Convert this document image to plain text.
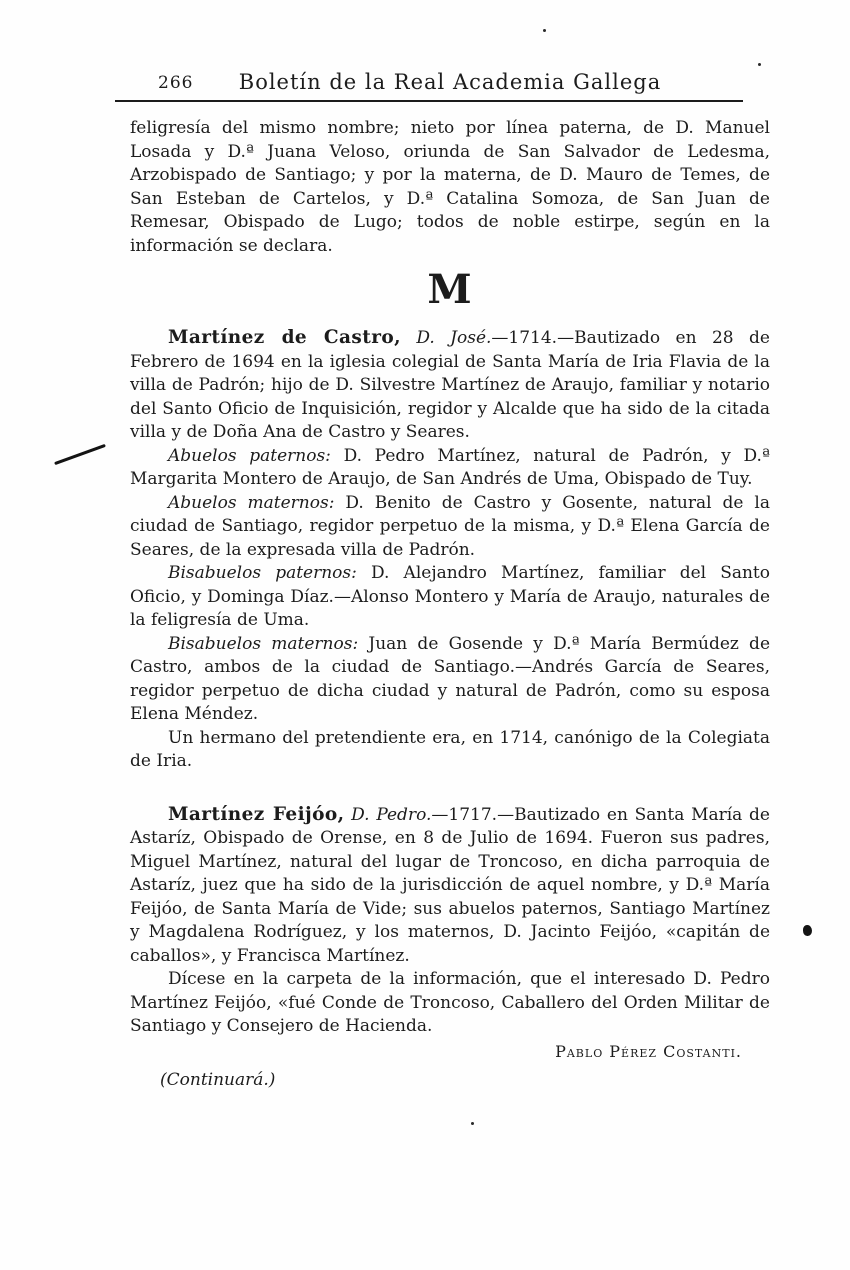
266	Boletín de la Real Academia Gallega

feligresía del mismo nombre; nieto por línea paterna, de D. Manuel Losada y D.ª Juana Veloso, oriunda de San Salvador de Ledesma, Arzobispado de Santiago; y por la materna, de D. Mauro de Temes, de San Esteban de Cartelos, y D.ª Catalina Somoza, de San Juan de Remesar, Obispado de Lugo; todos de noble estirpe, según en la información se declara.

M

Martínez de Castro, D. José.—1714.—Bautizado en 28 de Febrero de 1694 en la iglesia colegial de Santa María de Iria Flavia de la villa de Padrón; hijo de D. Silvestre Martínez de Araujo, familiar y notario del Santo Oficio de Inquisición, regidor y Alcalde que ha sido de la citada villa y de Doña Ana de Castro y Seares.

Abuelos paternos: D. Pedro Martínez, natural de Padrón, y D.ª Margarita Montero de Araujo, de San Andrés de Uma, Obispado de Tuy.

Abuelos maternos: D. Benito de Castro y Gosente, natural de la ciudad de Santiago, regidor perpetuo de la misma, y D.ª Elena García de Seares, de la expresada villa de Padrón.

Bisabuelos paternos: D. Alejandro Martínez, familiar del Santo Oficio, y Dominga Díaz.—Alonso Montero y María de Araujo, naturales de la feligresía de Uma.

Bisabuelos maternos: Juan de Gosende y D.ª María Bermúdez de Castro, ambos de la ciudad de Santiago.—Andrés García de Seares, regidor perpetuo de dicha ciudad y natural de Padrón, como su esposa Elena Méndez.

Un hermano del pretendiente era, en 1714, canónigo de la Colegiata de Iria.

Martínez Feijóo, D. Pedro.—1717.—Bautizado en Santa María de Astaríz, Obispado de Orense, en 8 de Julio de 1694. Fueron sus padres, Miguel Martínez, natural del lugar de Troncoso, en dicha parroquia de Astaríz, juez que ha sido de la jurisdicción de aquel nombre, y D.ª María Feijóo, de Santa María de Vide; sus abuelos paternos, Santiago Martínez y Magdalena Rodríguez, y los maternos, D. Jacinto Feijóo, «capitán de caballos», y Francisca Martínez.

Dícese en la carpeta de la información, que el interesado D. Pedro Martínez Feijóo, «fué Conde de Troncoso, Caballero del Orden Militar de Santiago y Consejero de Hacienda.

Pablo Pérez Costanti.

(Continuará.)
